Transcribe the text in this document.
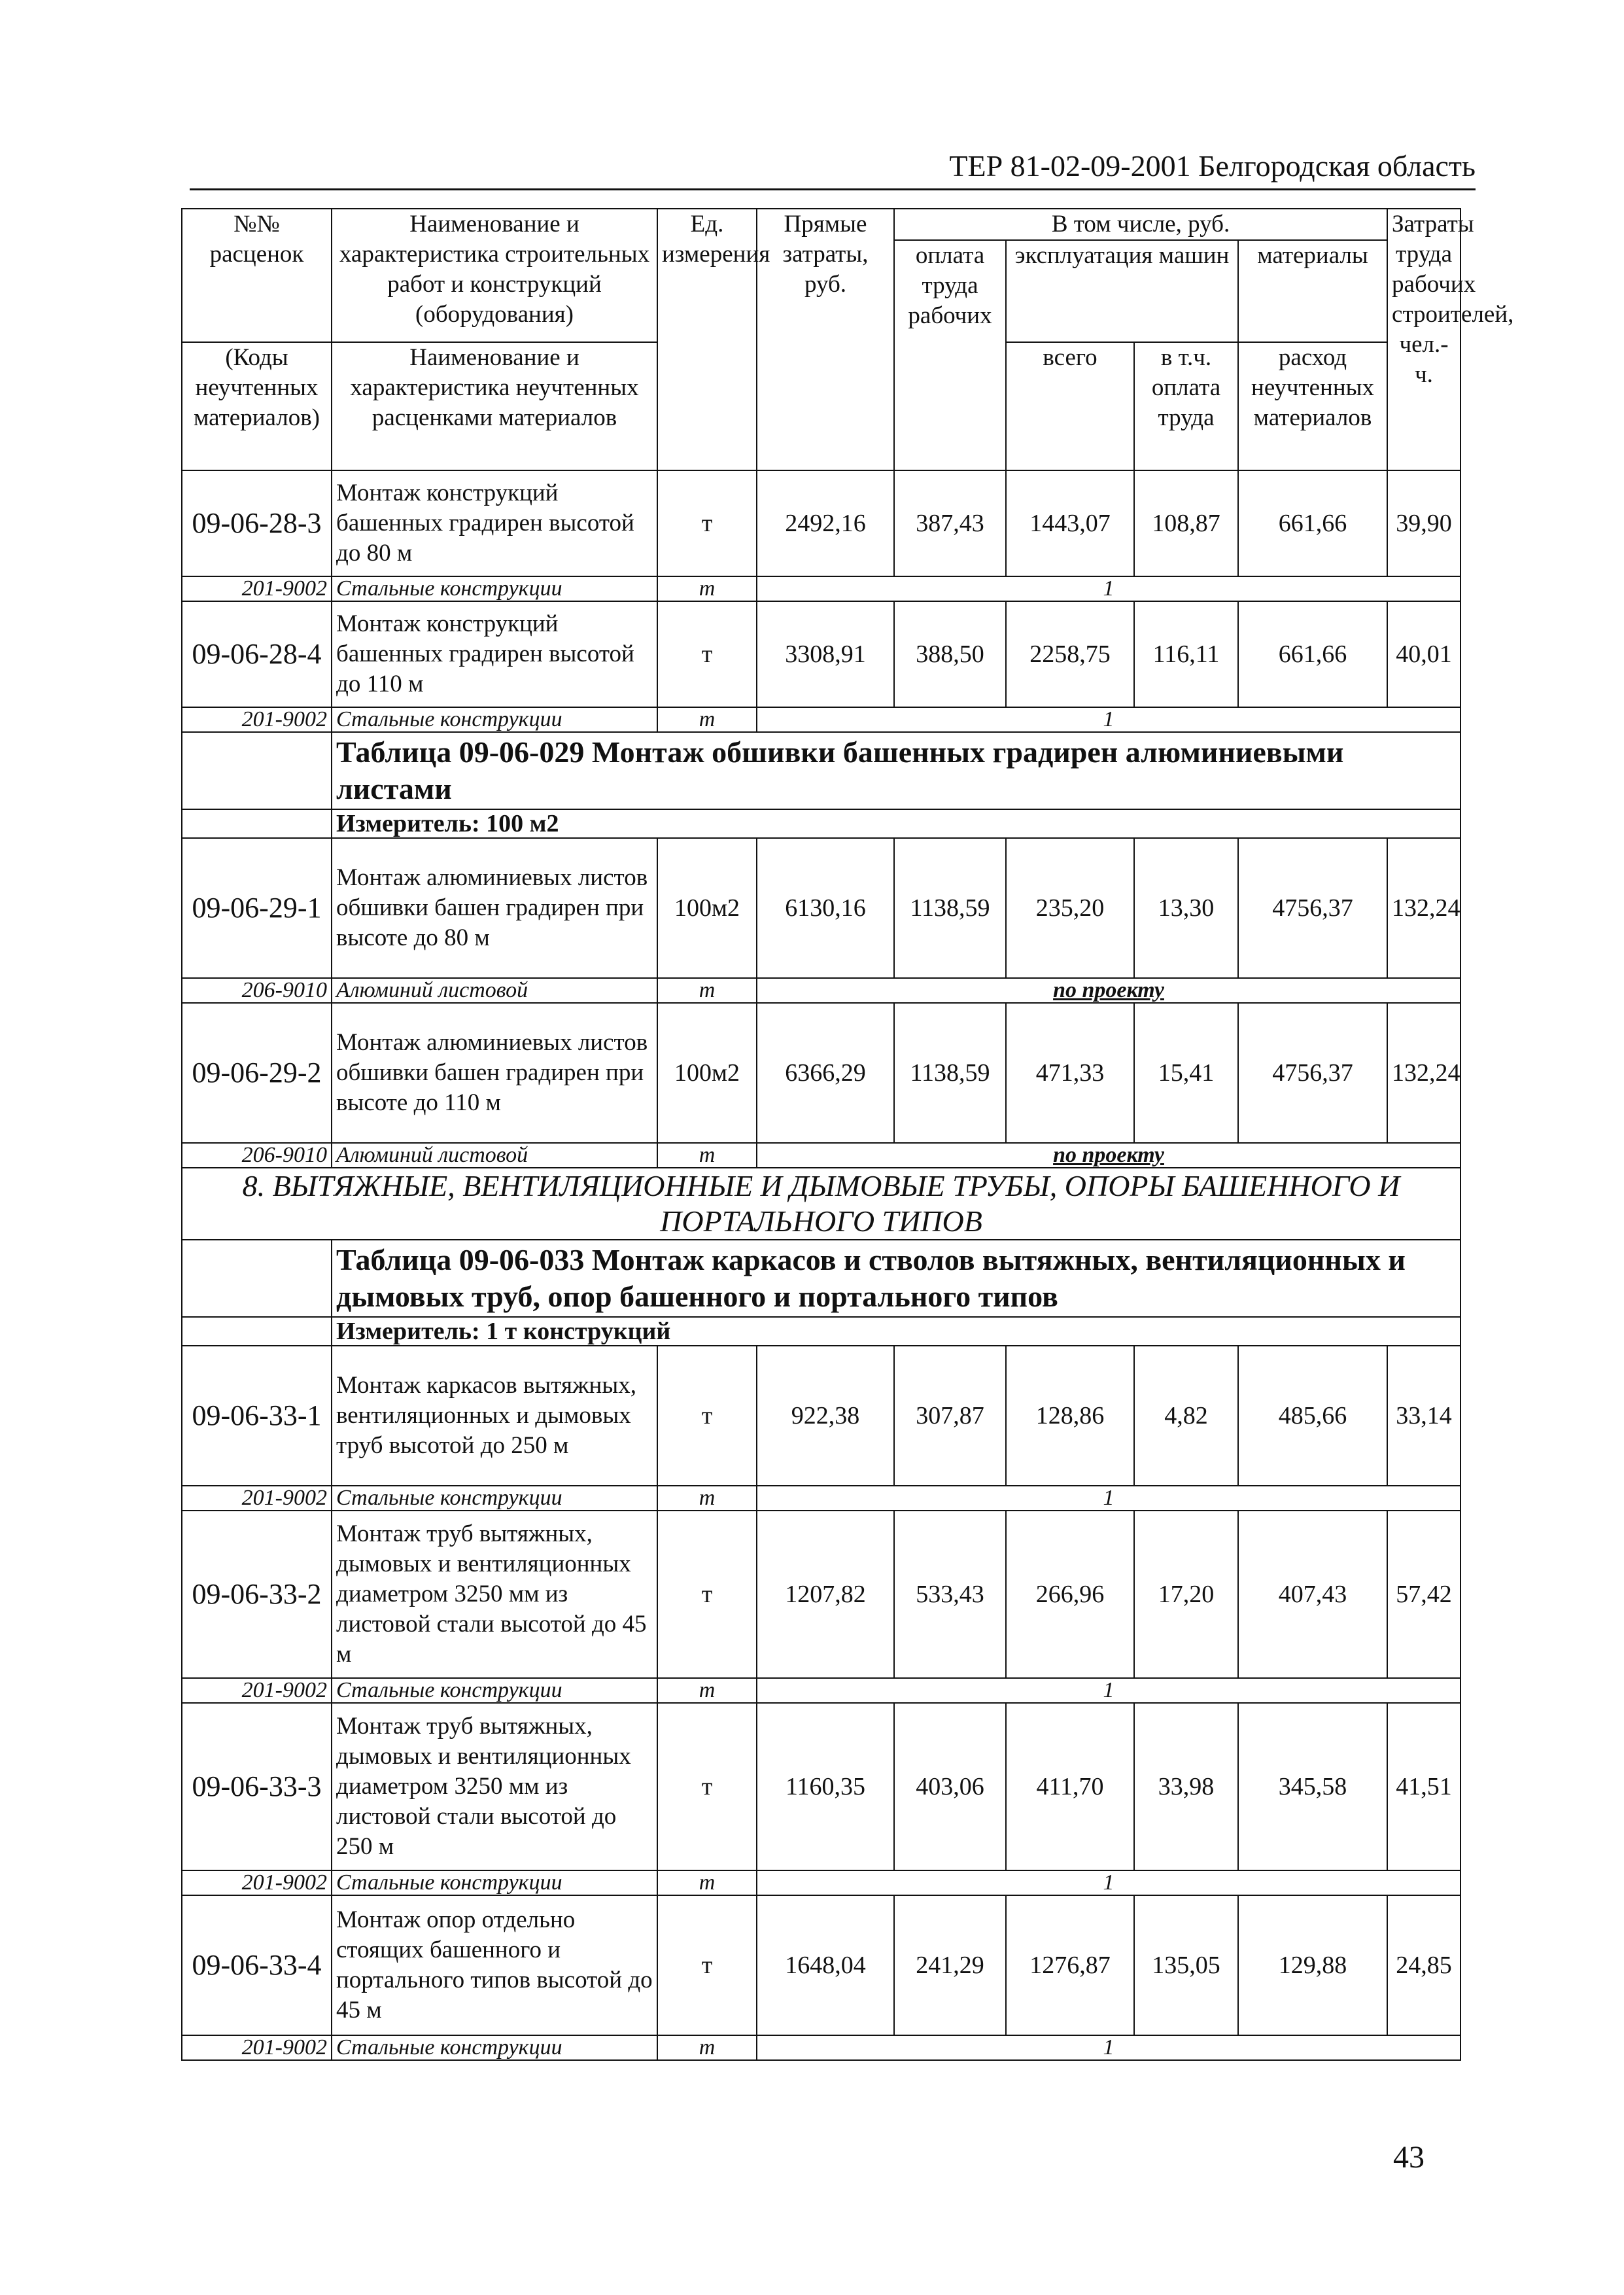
ТЕР 81-02-09-2001 Белгородская область
№№ расценок	Наименование и характеристика строительных работ и конструкций (оборудования)	Ед. измерения	Прямые затраты, руб.	В том числе, руб.				Затраты труда рабочих строителей, чел.-ч.
				оплата труда рабочих	эксплуатация машин		материалы	

(Коды неучтенных материалов)	Наименование и характеристика неучтенных расценками материалов				всего	в т.ч. оплата труда	расход неучтенных материалов	

09-06-28-3	Монтаж конструкций башенных градирен высотой до 80 м	т	2492,16	387,43	1443,07	108,87	661,66	39,90
201-9002	Стальные конструкции	т	1					
09-06-28-4	Монтаж конструкций башенных градирен высотой до 110 м	т	3308,91	388,50	2258,75	116,11	661,66	40,01
201-9002	Стальные конструкции	т	1					
	Таблица 09-06-029 Монтаж обшивки башенных градирен алюминиевыми листами							
	Измеритель: 100 м2							
09-06-29-1	Монтаж алюминиевых листов обшивки башен градирен при высоте до 80 м	100м2	6130,16	1138,59	235,20	13,30	4756,37	132,24
206-9010	Алюминий листовой	т	по проекту					
09-06-29-2	Монтаж алюминиевых листов обшивки башен градирен при высоте до 110 м	100м2	6366,29	1138,59	471,33	15,41	4756,37	132,24
206-9010	Алюминий листовой	т	по проекту					
8. ВЫТЯЖНЫЕ, ВЕНТИЛЯЦИОННЫЕ И ДЫМОВЫЕ ТРУБЫ, ОПОРЫ БАШЕННОГО И ПОРТАЛЬНОГО ТИПОВ								
	Таблица 09-06-033 Монтаж каркасов и стволов вытяжных, вентиляционных и дымовых труб, опор башенного и портального типов							
	Измеритель: 1 т конструкций							
09-06-33-1	Монтаж каркасов вытяжных, вентиляционных и дымовых труб высотой до 250 м	т	922,38	307,87	128,86	4,82	485,66	33,14
201-9002	Стальные конструкции	т	1					
09-06-33-2	Монтаж труб вытяжных, дымовых и вентиляционных диаметром 3250 мм из листовой стали высотой до 45 м	т	1207,82	533,43	266,96	17,20	407,43	57,42
201-9002	Стальные конструкции	т	1					
09-06-33-3	Монтаж труб вытяжных, дымовых и вентиляционных диаметром 3250 мм из листовой стали высотой до 250 м	т	1160,35	403,06	411,70	33,98	345,58	41,51
201-9002	Стальные конструкции	т	1					
09-06-33-4	Монтаж опор отдельно стоящих башенного и портального типов высотой до 45 м	т	1648,04	241,29	1276,87	135,05	129,88	24,85
201-9002	Стальные конструкции	т	1					
43
